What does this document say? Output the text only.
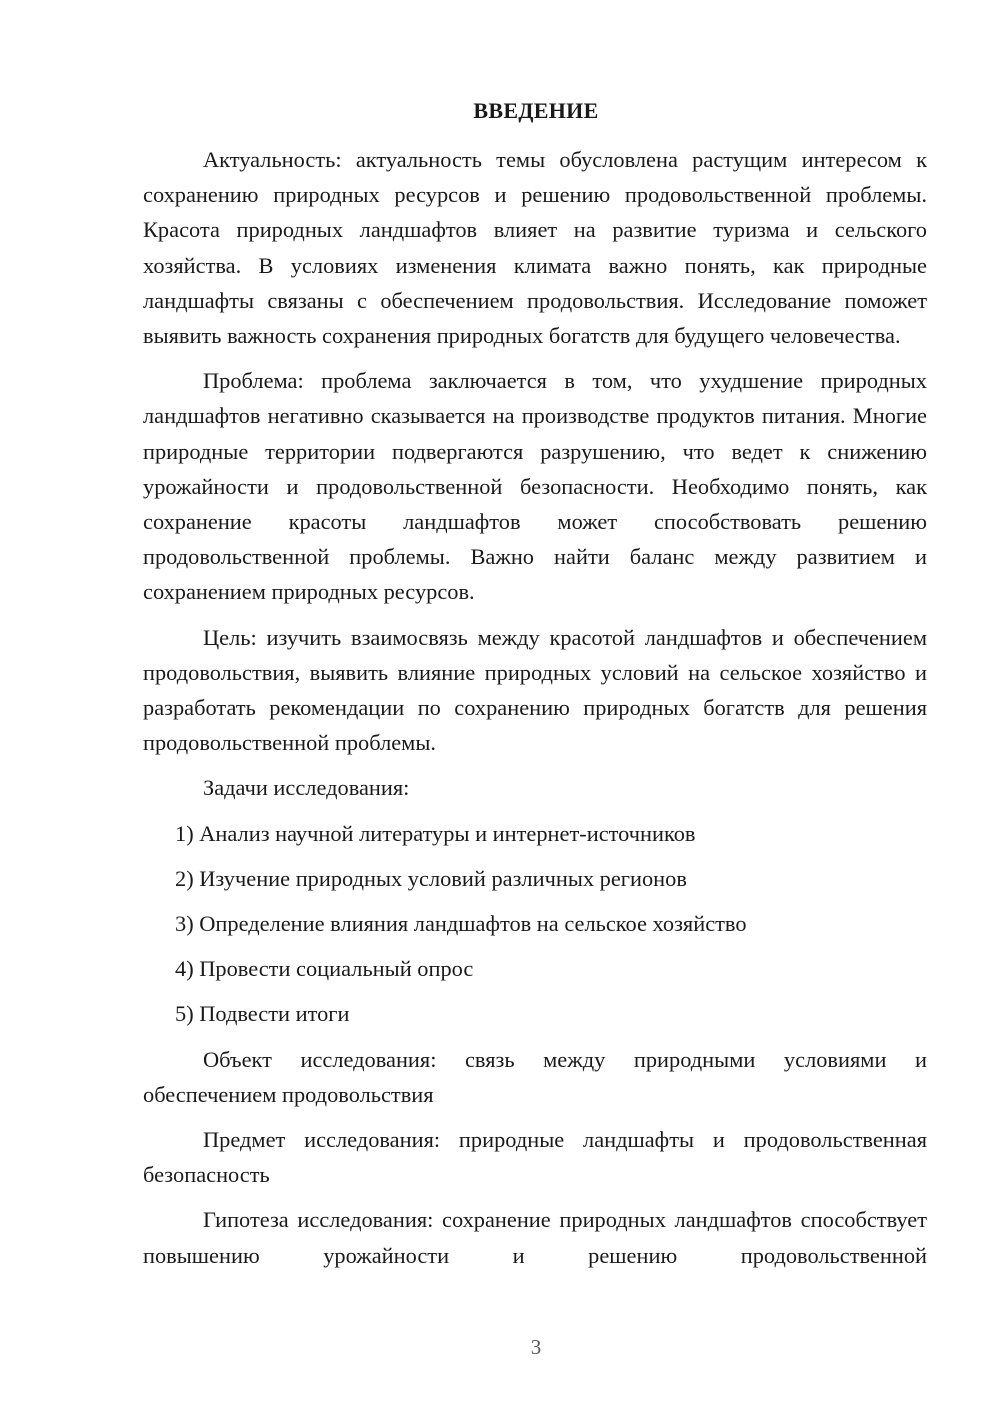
ВВЕДЕНИЕ

Актуальность: актуальность темы обусловлена растущим интересом к сохранению природных ресурсов и решению продовольственной проблемы. Красота природных ландшафтов влияет на развитие туризма и сельского хозяйства. В условиях изменения климата важно понять, как природные ландшафты связаны с обеспечением продовольствия. Исследование поможет выявить важность сохранения природных богатств для будущего человечества.

Проблема: проблема заключается в том, что ухудшение природных ландшафтов негативно сказывается на производстве продуктов питания. Многие природные территории подвергаются разрушению, что ведет к снижению урожайности и продовольственной безопасности. Необходимо понять, как сохранение красоты ландшафтов может способствовать решению продовольственной проблемы. Важно найти баланс между развитием и сохранением природных ресурсов.

Цель: изучить взаимосвязь между красотой ландшафтов и обеспечением продовольствия, выявить влияние природных условий на сельское хозяйство и разработать рекомендации по сохранению природных богатств для решения продовольственной проблемы.

Задачи исследования:

1) Анализ научной литературы и интернет-источников
2) Изучение природных условий различных регионов
3) Определение влияния ландшафтов на сельское хозяйство
4) Провести социальный опрос
5) Подвести итоги

Объект исследования: связь между природными условиями и обеспечением продовольствия

Предмет исследования: природные ландшафты и продовольственная безопасность

Гипотеза исследования: сохранение природных ландшафтов способствует повышению урожайности и решению продовольственной

3
